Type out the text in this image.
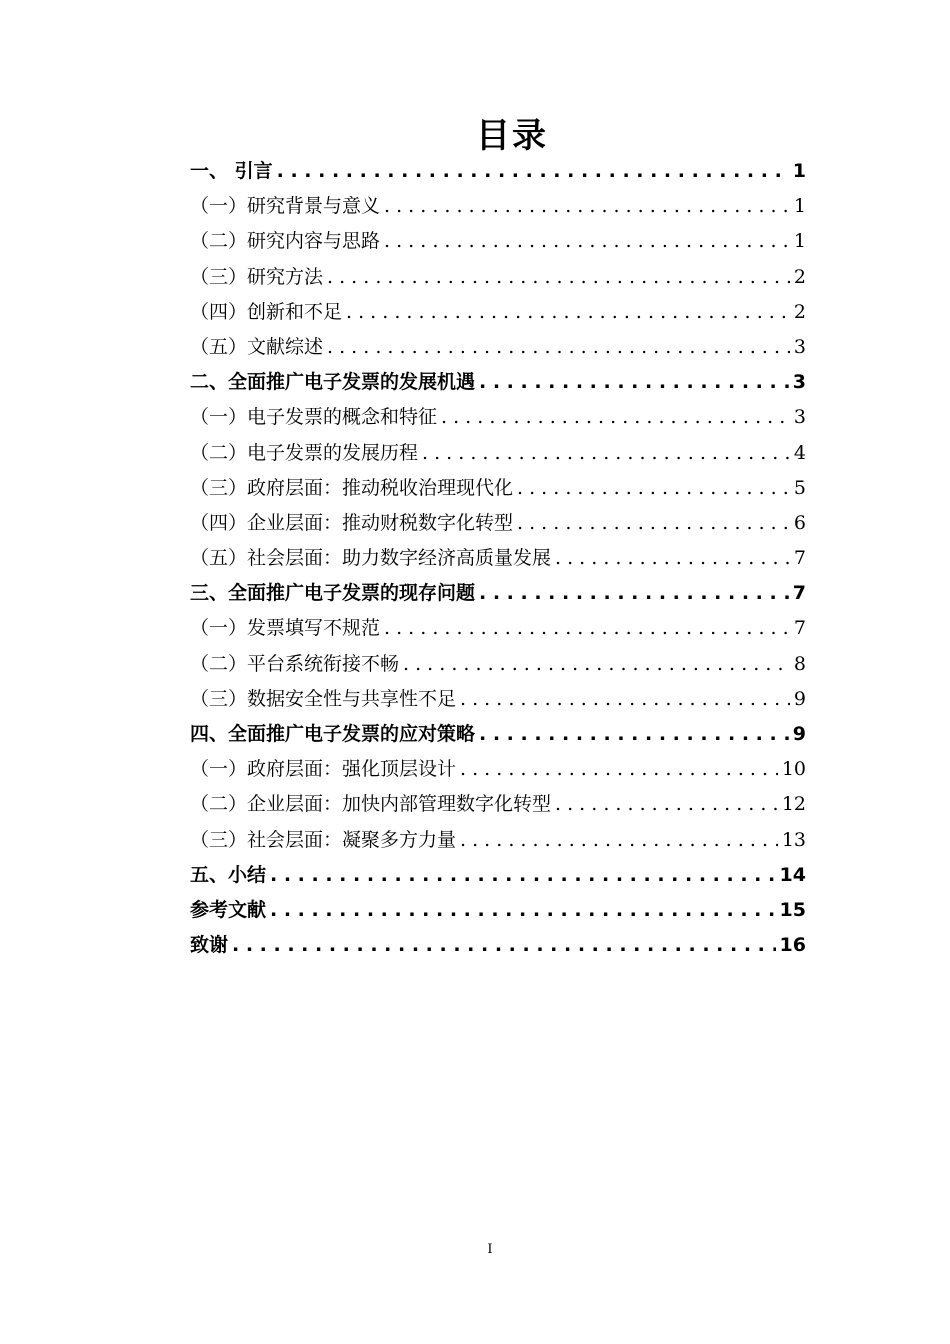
目录
一、 引言 . . .	1
（一）研究背景与意义 . . .	1
（二）研究内容与思路 . . .	1
（三）研究方法 . . .	2
（四）创新和不足 . . .	2
（五）文献综述 . . .	3
二、全面推广电子发票的发展机遇 . . .	3
（一）电子发票的概念和特征 . . .	3
（二）电子发票的发展历程 . . .	4
（三）政府层面：推动税收治理现代化 . . .	5
（四）企业层面：推动财税数字化转型 . . .	6
（五）社会层面：助力数字经济高质量发展 . . .	7
三、全面推广电子发票的现存问题 . . .	7
（一）发票填写不规范 . . .	7
（二）平台系统衔接不畅 . . .	8
（三）数据安全性与共享性不足 . . .	9
四、全面推广电子发票的应对策略 . . .	9
（一）政府层面：强化顶层设计 . . .	10
（二）企业层面：加快内部管理数字化转型 . . .	12
（三）社会层面：凝聚多方力量 . . .	13
五、小结 . . .	14
参考文献 . . .	15
致谢 . . .	16
I
